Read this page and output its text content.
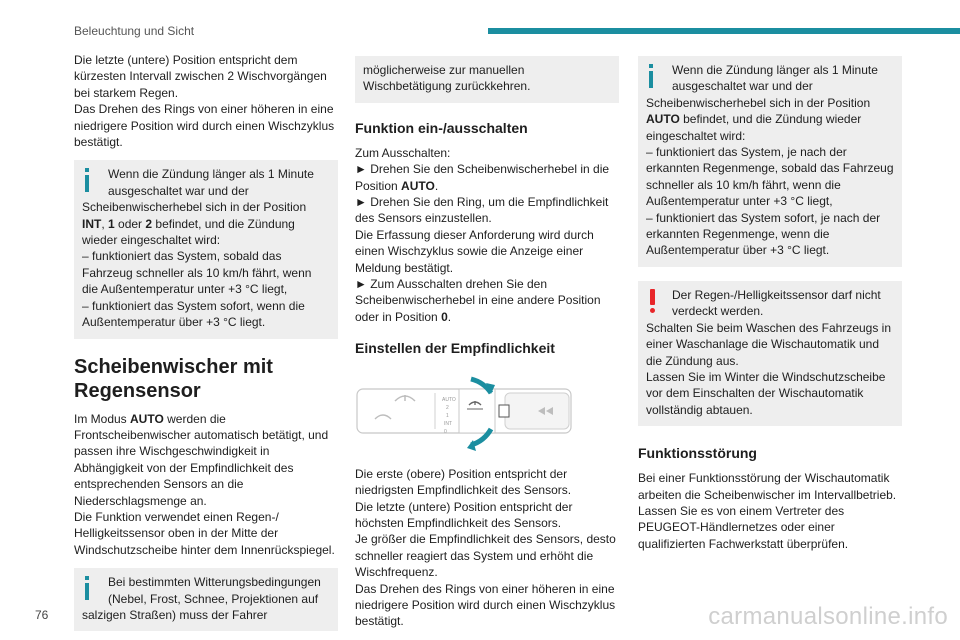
Beleuchtung und Sicht

Die letzte (untere) Position entspricht dem kürzesten Intervall zwischen 2 Wischvorgängen bei starkem Regen.
Das Drehen des Rings von einer höheren in eine niedrigere Position wird durch einen Wischzyklus bestätigt.

Wenn die Zündung länger als 1 Minute ausgeschaltet war und der

Scheibenwischerhebel sich in der Position INT, 1 oder 2 befindet, und die Zündung wieder eingeschaltet wird:
– funktioniert das System, sobald das Fahrzeug schneller als 10 km/h fährt, wenn die Außentemperatur unter +3 °C liegt,
– funktioniert das System sofort, wenn die Außentemperatur über +3 °C liegt.

Scheibenwischer mit Regensensor

Im Modus AUTO werden die Frontscheibenwischer automatisch betätigt, und passen ihre Wischgeschwindigkeit in Abhängigkeit von der Empfindlichkeit des entsprechenden Sensors an die Niederschlagsmenge an.
Die Funktion verwendet einen Regen-/ Helligkeitssensor oben in der Mitte der Windschutzscheibe hinter dem Innenrückspiegel.

Bei bestimmten Witterungsbedingungen (Nebel, Frost, Schnee, Projektionen auf

salzigen Straßen) muss der Fahrer

möglicherweise zur manuellen Wischbetätigung zurückkehren.

Funktion ein-/ausschalten

Zum Ausschalten:
► Drehen Sie den Scheibenwischerhebel in die Position AUTO.
► Drehen Sie den Ring, um die Empfindlichkeit des Sensors einzustellen.
Die Erfassung dieser Anforderung wird durch einen Wischzyklus sowie die Anzeige einer Meldung bestätigt.
► Zum Ausschalten drehen Sie den Scheibenwischerhebel in eine andere Position oder in Position 0.

Einstellen der Empfindlichkeit
2
1
INT
0
AUTO

Die erste (obere) Position entspricht der niedrigsten Empfindlichkeit des Sensors.
Die letzte (untere) Position entspricht der höchsten Empfindlichkeit des Sensors.
Je größer die Empfindlichkeit des Sensors, desto schneller reagiert das System und erhöht die Wischfrequenz.
Das Drehen des Rings von einer höheren in eine niedrigere Position wird durch einen Wischzyklus bestätigt.

Wenn die Zündung länger als 1 Minute ausgeschaltet war und der

Scheibenwischerhebel sich in der Position AUTO befindet, und die Zündung wieder eingeschaltet wird:
– funktioniert das System, je nach der erkannten Regenmenge, sobald das Fahrzeug schneller als 10 km/h fährt, wenn die Außentemperatur unter +3 °C liegt,
– funktioniert das System sofort, je nach der erkannten Regenmenge, wenn die Außentemperatur über +3 °C liegt.

Der Regen-/Helligkeitssensor darf nicht verdeckt werden.

Schalten Sie beim Waschen des Fahrzeugs in einer Waschanlage die Wischautomatik und die Zündung aus.
Lassen Sie im Winter die Windschutzscheibe vor dem Einschalten der Wischautomatik vollständig abtauen.

Funktionsstörung

Bei einer Funktionsstörung der Wischautomatik arbeiten die Scheibenwischer im Intervallbetrieb.
Lassen Sie es von einem Vertreter des PEUGEOT-Händlernetzes oder einer qualifizierten Fachwerkstatt überprüfen.

76	carmanualsonline.info
